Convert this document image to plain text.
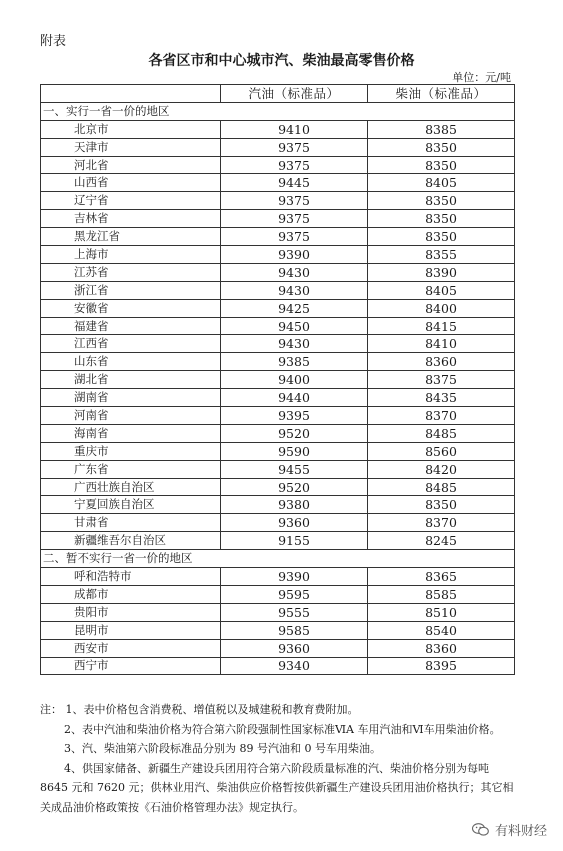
附表
各省区市和中心城市汽、柴油最高零售价格
单位：元/吨
	汽油（标准品）	柴油（标准品）
一、实行一省一价的地区		
北京市	9410	8385
天津市	9375	8350
河北省	9375	8350
山西省	9445	8405
辽宁省	9375	8350
吉林省	9375	8350
黑龙江省	9375	8350
上海市	9390	8355
江苏省	9430	8390
浙江省	9430	8405
安徽省	9425	8400
福建省	9450	8415
江西省	9430	8410
山东省	9385	8360
湖北省	9400	8375
湖南省	9440	8435
河南省	9395	8370
海南省	9520	8485
重庆市	9590	8560
广东省	9455	8420
广西壮族自治区	9520	8485
宁夏回族自治区	9380	8350
甘肃省	9360	8370
新疆维吾尔自治区	9155	8245
二、暂不实行一省一价的地区		
呼和浩特市	9390	8365
成都市	9595	8585
贵阳市	9555	8510
昆明市	9585	8540
西安市	9360	8360
西宁市	9340	8395

注： 1、表中价格包含消费税、增值税以及城建税和教育费附加。

2、表中汽油和柴油价格为符合第六阶段强制性国家标准ⅥA 车用汽油和Ⅵ车用柴油价格。

3、汽、柴油第六阶段标准品分别为 89 号汽油和 0 号车用柴油。

4、供国家储备、新疆生产建设兵团用符合第六阶段质量标准的汽、柴油价格分别为每吨 8645 元和 7620 元；供林业用汽、柴油供应价格暂按供新疆生产建设兵团用油价格执行；其它相关成品油价格政策按《石油价格管理办法》规定执行。

有料财经
